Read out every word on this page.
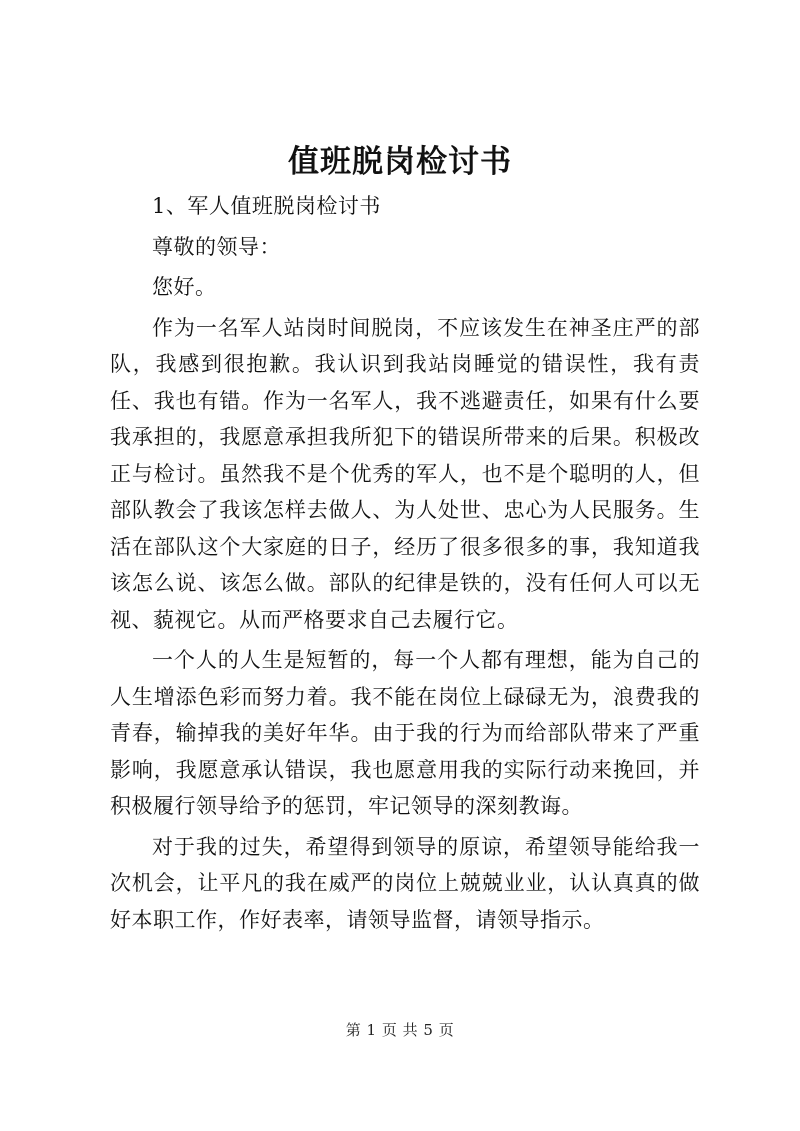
值班脱岗检讨书

1、军人值班脱岗检讨书

尊敬的领导：

您好。

作为一名军人站岗时间脱岗，不应该发生在神圣庄严的部队，我感到很抱歉。我认识到我站岗睡觉的错误性，我有责任、我也有错。作为一名军人，我不逃避责任，如果有什么要我承担的，我愿意承担我所犯下的错误所带来的后果。积极改正与检讨。虽然我不是个优秀的军人，也不是个聪明的人，但部队教会了我该怎样去做人、为人处世、忠心为人民服务。生活在部队这个大家庭的日子，经历了很多很多的事，我知道我该怎么说、该怎么做。部队的纪律是铁的，没有任何人可以无视、藐视它。从而严格要求自己去履行它。

一个人的人生是短暂的，每一个人都有理想，能为自己的人生增添色彩而努力着。我不能在岗位上碌碌无为，浪费我的青春，输掉我的美好年华。由于我的行为而给部队带来了严重影响，我愿意承认错误，我也愿意用我的实际行动来挽回，并积极履行领导给予的惩罚，牢记领导的深刻教诲。

对于我的过失，希望得到领导的原谅，希望领导能给我一次机会，让平凡的我在威严的岗位上兢兢业业，认认真真的做好本职工作，作好表率，请领导监督，请领导指示。

第 1 页 共 5 页
